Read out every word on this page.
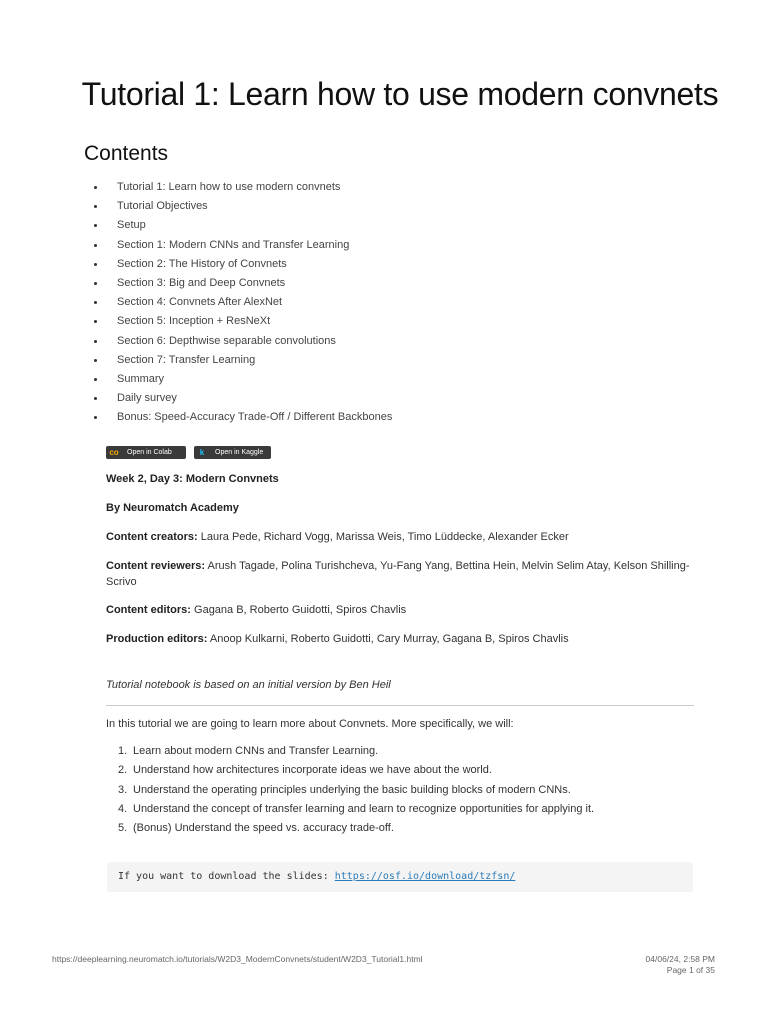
Tutorial 1: Learn how to use modern convnets
Contents
Tutorial 1: Learn how to use modern convnets
Tutorial Objectives
Setup
Section 1: Modern CNNs and Transfer Learning
Section 2: The History of Convnets
Section 3: Big and Deep Convnets
Section 4: Convnets After AlexNet
Section 5: Inception + ResNeXt
Section 6: Depthwise separable convolutions
Section 7: Transfer Learning
Summary
Daily survey
Bonus: Speed-Accuracy Trade-Off / Different Backbones
co	Open in Colab	k	Open in Kaggle

Week 2, Day 3: Modern Convnets

By Neuromatch Academy

Content creators: Laura Pede, Richard Vogg, Marissa Weis, Timo Lüddecke, Alexander Ecker

Content reviewers: Arush Tagade, Polina Turishcheva, Yu-Fang Yang, Bettina Hein, Melvin Selim Atay, Kelson Shilling-Scrivo

Content editors: Gagana B, Roberto Guidotti, Spiros Chavlis

Production editors: Anoop Kulkarni, Roberto Guidotti, Cary Murray, Gagana B, Spiros Chavlis

Tutorial notebook is based on an initial version by Ben Heil

In this tutorial we are going to learn more about Convnets. More specifically, we will:

1. Learn about modern CNNs and Transfer Learning.
2. Understand how architectures incorporate ideas we have about the world.
3. Understand the operating principles underlying the basic building blocks of modern CNNs.
4. Understand the concept of transfer learning and learn to recognize opportunities for applying it.
5. (Bonus) Understand the speed vs. accuracy trade-off.
If you want to download the slides: https://osf.io/download/tzfsn/
https://deeplearning.neuromatch.io/tutorials/W2D3_ModernConvnets/student/W2D3_Tutorial1.html	04/06/24, 2:58 PM
Page 1 of 35
